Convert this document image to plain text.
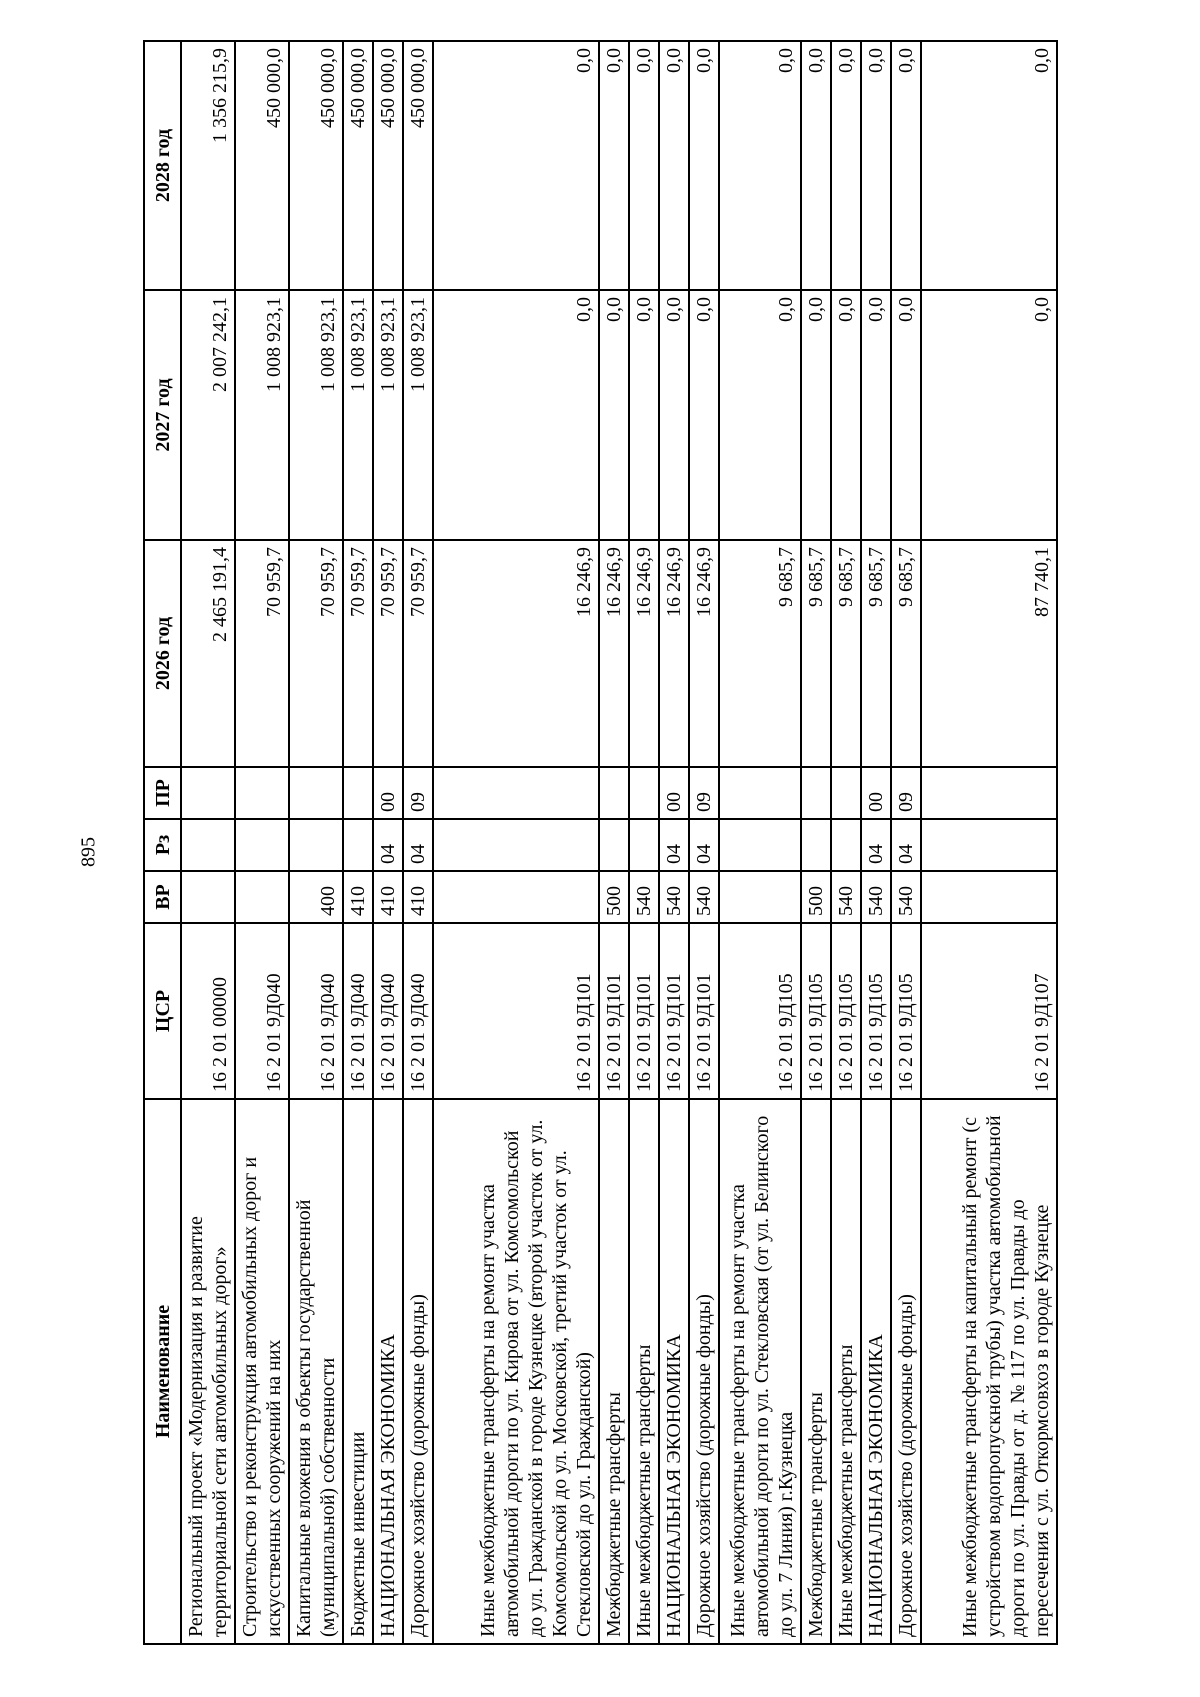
895
Наименование	ЦСР	ВР	Рз	ПР	2026 год	2027 год	2028 год
Региональный проект «Модернизация и развитие территориальной сети автомобильных дорог»	16 2 01 00000				2 465 191,4	2 007 242,1	1 356 215,9
Строительство и реконструкция автомобильных дорог и искусственных сооружений на них	16 2 01 9Д040				70 959,7	1 008 923,1	450 000,0
Капитальные вложения в объекты государственной (муниципальной) собственности	16 2 01 9Д040	400			70 959,7	1 008 923,1	450 000,0
Бюджетные инвестиции	16 2 01 9Д040	410			70 959,7	1 008 923,1	450 000,0
НАЦИОНАЛЬНАЯ ЭКОНОМИКА	16 2 01 9Д040	410	04	00	70 959,7	1 008 923,1	450 000,0
Дорожное хозяйство (дорожные фонды)	16 2 01 9Д040	410	04	09	70 959,7	1 008 923,1	450 000,0
Иные межбюджетные трансферты на ремонт участка автомобильной дороги по ул. Кирова от ул. Комсомольской до ул. Гражданской в городе Кузнецке (второй участок от ул. Комсомольской до ул. Московской, третий участок от ул. Стекловской до ул. Гражданской)	16 2 01 9Д101				16 246,9	0,0	0,0
Межбюджетные трансферты	16 2 01 9Д101	500			16 246,9	0,0	0,0
Иные межбюджетные трансферты	16 2 01 9Д101	540			16 246,9	0,0	0,0
НАЦИОНАЛЬНАЯ ЭКОНОМИКА	16 2 01 9Д101	540	04	00	16 246,9	0,0	0,0
Дорожное хозяйство (дорожные фонды)	16 2 01 9Д101	540	04	09	16 246,9	0,0	0,0
Иные межбюджетные трансферты на ремонт участка автомобильной дороги по ул. Стекловская (от ул. Белинского до ул. 7 Линия) г.Кузнецка	16 2 01 9Д105				9 685,7	0,0	0,0
Межбюджетные трансферты	16 2 01 9Д105	500			9 685,7	0,0	0,0
Иные межбюджетные трансферты	16 2 01 9Д105	540			9 685,7	0,0	0,0
НАЦИОНАЛЬНАЯ ЭКОНОМИКА	16 2 01 9Д105	540	04	00	9 685,7	0,0	0,0
Дорожное хозяйство (дорожные фонды)	16 2 01 9Д105	540	04	09	9 685,7	0,0	0,0
Иные межбюджетные трансферты на капитальный ремонт (с устройством водопропускной трубы) участка автомобильной дороги по ул. Правды от д. № 117 по ул. Правды до пересечения с ул. Откормсовхоз в городе Кузнецке	16 2 01 9Д107				87 740,1	0,0	0,0
